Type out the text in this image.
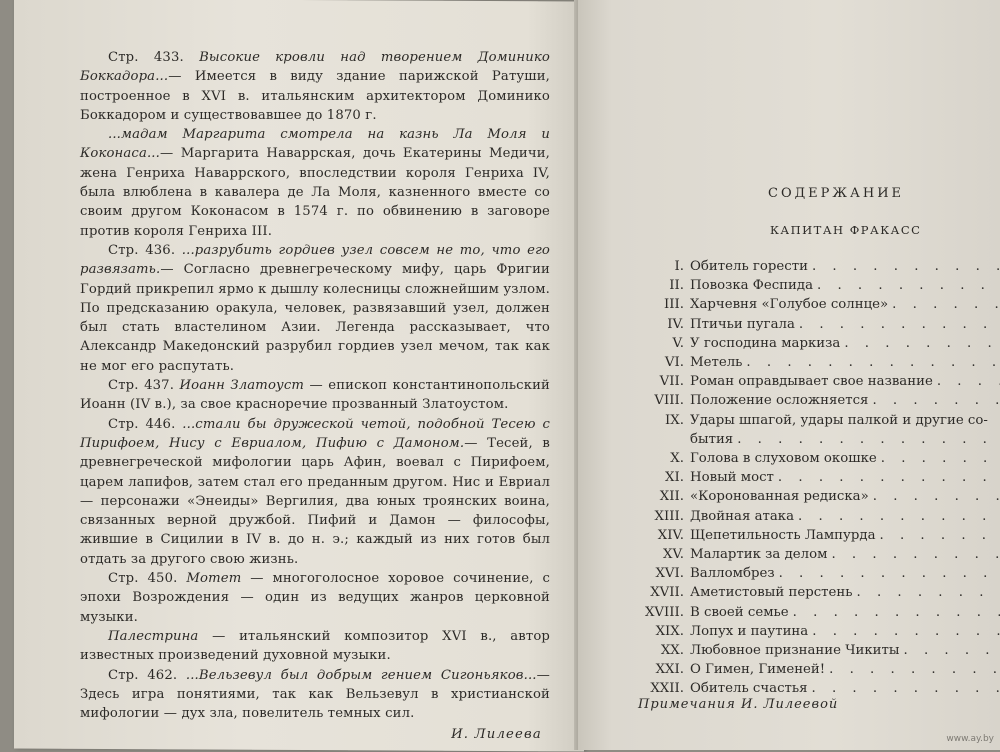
Стр. 433. Высокие кровли над творением Доминико Боккадора...— Имеется в виду здание парижской Ратуши, построенное в XVI в. итальянским архитектором Доминико Боккадором и существовавшее до 1870 г.

...мадам Маргарита смотрела на казнь Ла Моля и Коконаса...— Маргарита Наваррская, дочь Екатерины Медичи, жена Генриха Наваррского, впоследствии короля Генриха IV, была влюблена в кавалера де Ла Моля, казненного вместе со своим другом Коконасом в 1574 г. по обвинению в заговоре против короля Генриха III.

Стр. 436. ...разрубить гордиев узел совсем не то, что его развязать.— Согласно древнегреческому мифу, царь Фригии Гордий прикрепил ярмо к дышлу колесницы сложнейшим узлом. По предсказанию оракула, человек, развязавший узел, должен был стать властелином Азии. Легенда рассказывает, что Александр Македонский разрубил гордиев узел мечом, так как не мог его распутать.

Стр. 437. Иоанн Златоуст — епископ константинопольский Иоанн (IV в.), за свое красноречие прозванный Златоустом.

Стр. 446. ...стали бы дружеской четой, подобной Тесею с Пирифоем, Нису с Евриалом, Пифию с Дамоном.— Тесей, в древнегреческой мифологии царь Афин, воевал с Пирифоем, царем лапифов, затем стал его преданным другом. Нис и Евриал — персонажи «Энеиды» Вергилия, два юных троянских воина, связанных верной дружбой. Пифий и Дамон — философы, жившие в Сицилии в IV в. до н. э.; каждый из них готов был отдать за другого свою жизнь.

Стр. 450. Мотет — многоголосное хоровое сочинение, с эпохи Возрождения — один из ведущих жанров церковной музыки.

Палестрина — итальянский композитор XVI в., автор известных произведений духовной музыки.

Стр. 462. ...Вельзевул был добрым гением Сигоньяков...— Здесь игра понятиями, так как Вельзевул в христианской мифологии — дух зла, повелитель темных сил.

И. Лилеева
СОДЕРЖАНИЕ
КАПИТАН ФРАКАСС
I. Обитель горести
. . .
II. Повозка Феспида
. . .
III. Харчевня «Голубое солнце»
. . .
IV. Птичьи пугала
. . .
V. У господина маркиза
. . .
VI. Метель
. . .
VII. Роман оправдывает свое название
. . .
VIII. Положение осложняется
. . .
IX. Удары шпагой, удары палкой и другие со-
бытия
. . .
X. Голова в слуховом окошке
. . .
XI. Новый мост
. . .
XII. «Коронованная редиска»
. . .
XIII. Двойная атака
. . .
XIV. Щепетильность Лампурда
. . .
XV. Малартик за делом
. . .
XVI. Валломбрез
. . .
XVII. Аметистовый перстень
. . .
XVIII. В своей семье
. . .
XIX. Лопух и паутина
. . .
XX. Любовное признание Чикиты
. . .
XXI. О Гимен, Гименей!
. . .
XXII. Обитель счастья
. . .
Примечания И. Лилеевой
www.ay.by
